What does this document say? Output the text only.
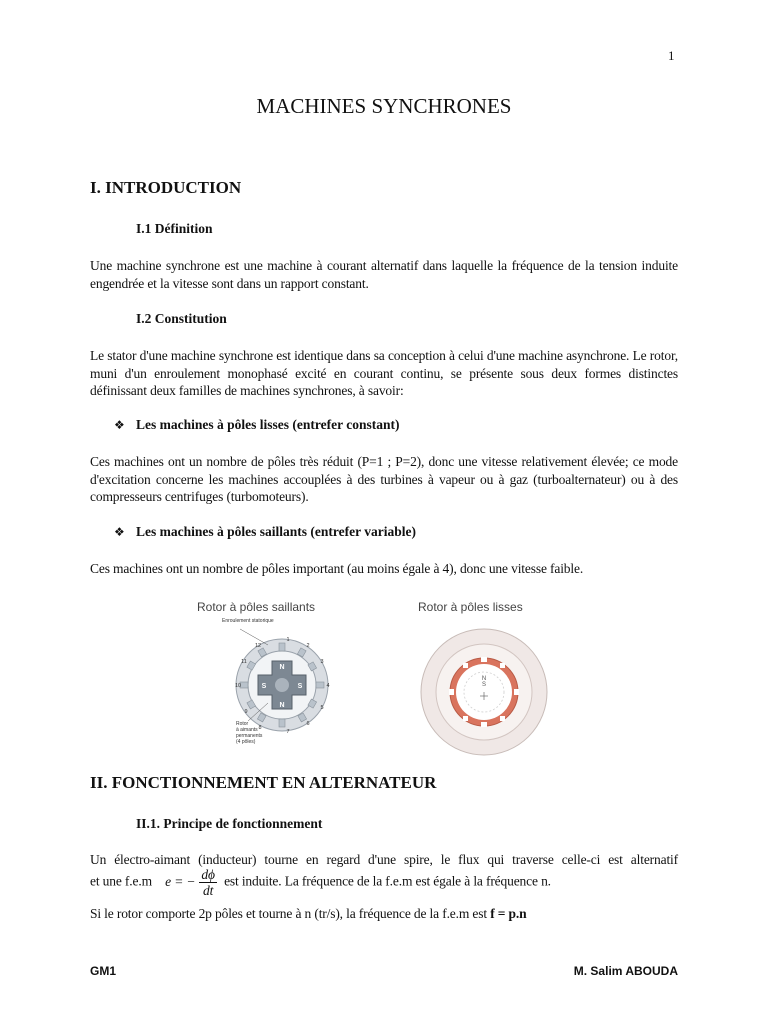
1
MACHINES SYNCHRONES
I. INTRODUCTION
I.1 Définition
Une machine synchrone est une machine à courant alternatif dans laquelle la fréquence de la tension induite engendrée et la vitesse sont dans un rapport constant.
I.2 Constitution
Le stator d'une machine synchrone est identique dans sa conception à celui d'une machine asynchrone. Le rotor, muni d'un enroulement monophasé excité en courant continu, se présente sous deux formes distinctes définissant deux familles de machines synchrones, à savoir:
❖ Les machines à pôles lisses (entrefer constant)
Ces machines ont un nombre de pôles très réduit (P=1 ; P=2), donc une vitesse relativement élevée; ce mode d'excitation concerne les machines accouplées à des turbines à vapeur ou à gaz (turboalternateur) ou à des compresseurs centrifuges (turbomoteurs).
❖ Les machines à pôles saillants (entrefer variable)
Ces machines ont un nombre de pôles important (au moins égale à 4), donc une vitesse faible.
Rotor à pôles saillants	Rotor à pôles lisses
N
N
S	S
1
2
3
4
5
6
7
8
9
10
11
12
Enroulement statorique
Rotor
à aimants
permanents
(4 pôles)
N
S
II. FONCTIONNEMENT EN ALTERNATEUR
II.1. Principe de fonctionnement
Un électro-aimant (inducteur) tourne en regard d'une spire, le flux qui traverse celle-ci est alternatif
et une f.e.m e = − $\frac{d\phi}{dt}$ est induite. La fréquence de la f.e.m est égale à la fréquence n.
Si le rotor comporte 2p pôles et tourne à n (tr/s), la fréquence de la f.e.m est f = p.n
GM1	M. Salim ABOUDA
